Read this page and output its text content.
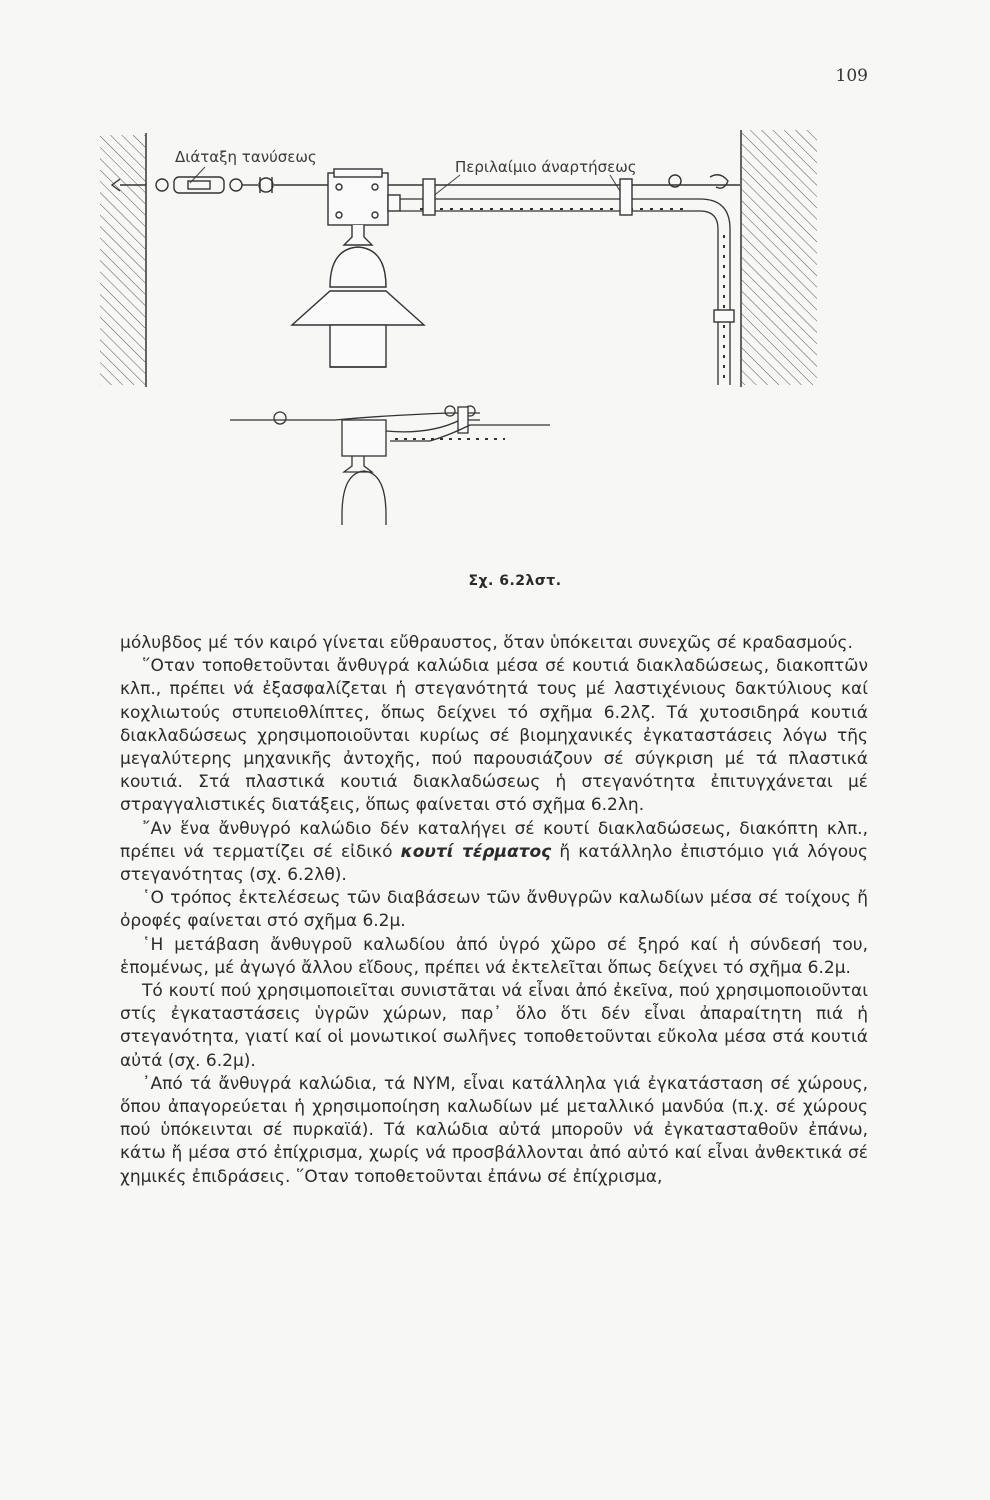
109
Διάταξη τανύσεως
Περιλαίμιο άναρτήσεως
Σχ. 6.2λστ.

μόλυβδος μέ τόν καιρό γίνεται εὔθραυστος, ὅταν ὑπόκειται συνεχῶς σέ κραδασμούς.

῞Οταν τοποθετοῦνται ἄνθυγρά καλώδια μέσα σέ κουτιά διακλαδώσεως, διακοπτῶν κλπ., πρέπει νά ἐξασφαλίζεται ἡ στεγανότητά τους μέ λαστιχένιους δακτύλιους καί κοχλιωτούς στυπειοθλίπτες, ὅπως δείχνει τό σχῆμα 6.2λζ. Τά χυτοσιδηρά κουτιά διακλαδώσεως χρησιμοποιοῦνται κυρίως σέ βιομηχανικές ἐγκαταστάσεις λόγω τῆς μεγαλύτερης μηχανικῆς ἀντοχῆς, πού παρουσιάζουν σέ σύγκριση μέ τά πλαστικά κουτιά. Στά πλαστικά κουτιά διακλαδώσεως ἡ στεγανότητα ἐπιτυγχάνεται μέ στραγγαλιστικές διατάξεις, ὅπως φαίνεται στό σχῆμα 6.2λη.

῎Αν ἕνα ἄνθυγρό καλώδιο δέν καταλήγει σέ κουτί διακλαδώσεως, διακόπτη κλπ., πρέπει νά τερματίζει σέ εἰδικό κουτί τέρματος ἤ κατάλληλο ἐπιστόμιο γιά λόγους στεγανότητας (σχ. 6.2λθ).

῾Ο τρόπος ἐκτελέσεως τῶν διαβάσεων τῶν ἄνθυγρῶν καλωδίων μέσα σέ τοίχους ἤ ὀροφές φαίνεται στό σχῆμα 6.2μ.

῾Η μετάβαση ἄνθυγροῦ καλωδίου ἀπό ὑγρό χῶρο σέ ξηρό καί ἡ σύνδεσή του, ἑπομένως, μέ ἀγωγό ἄλλου εἴδους, πρέπει νά ἐκτελεῖται ὅπως δείχνει τό σχῆμα 6.2μ.

Τό κουτί πού χρησιμοποιεῖται συνιστᾶται νά εἶναι ἀπό ἐκεῖνα, πού χρησιμοποιοῦνται στίς ἐγκαταστάσεις ὑγρῶν χώρων, παρ᾽ ὅλο ὅτι δέν εἶναι ἀπαραίτητη πιά ἡ στεγανότητα, γιατί καί οἱ μονωτικοί σωλῆνες τοποθετοῦνται εὔκολα μέσα στά κουτιά αὐτά (σχ. 6.2μ).

᾿Από τά ἄνθυγρά καλώδια, τά ΝΥΜ, εἶναι κατάλληλα γιά ἐγκατάσταση σέ χώρους, ὅπου ἀπαγορεύεται ἡ χρησιμοποίηση καλωδίων μέ μεταλλικό μανδύα (π.χ. σέ χώρους πού ὑπόκεινται σέ πυρκαϊά). Τά καλώδια αὐτά μποροῦν νά ἐγκατασταθοῦν ἐπάνω, κάτω ἤ μέσα στό ἐπίχρισμα, χωρίς νά προσβάλλονται ἀπό αὐτό καί εἶναι ἀνθεκτικά σέ χημικές ἐπιδράσεις. ῞Οταν τοποθετοῦνται ἐπάνω σέ ἐπίχρισμα,
